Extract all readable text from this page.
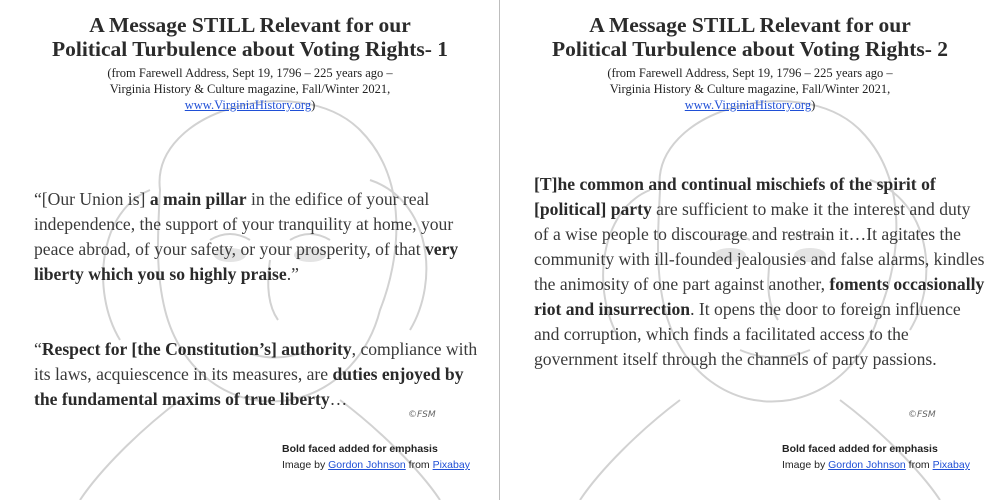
A Message STILL Relevant for our
Political Turbulence about Voting Rights- 1
(from Farewell Address, Sept 19, 1796 – 225 years ago –
Virginia History & Culture magazine, Fall/Winter 2021,
www.VirginiaHistory.org)
“[Our Union is] a main pillar in the edifice of your real independence, the support of your tranquility at home, your peace abroad, of your safety, or your prosperity, of that very liberty which you so highly praise.”
“Respect for [the Constitution’s] authority, compliance with its laws, acquiescence in its measures, are duties enjoyed by the fundamental maxims of true liberty…
©FSM
Bold faced added for emphasis
Image by Gordon Johnson from Pixabay
A Message STILL Relevant for our
Political Turbulence about Voting Rights- 2
(from Farewell Address, Sept 19, 1796 – 225 years ago –
Virginia History & Culture magazine, Fall/Winter 2021,
www.VirginiaHistory.org)
[T]he common and continual mischiefs of the spirit of [political] party are sufficient to make it the interest and duty of a wise people to discourage and restrain it…It agitates the community with ill-founded jealousies and false alarms, kindles the animosity of one part against another, foments occasionally riot and insurrection. It opens the door to foreign influence and corruption, which finds a facilitated access to the government itself through the channels of party passions.
©FSM
Bold faced added for emphasis
Image by Gordon Johnson from Pixabay
